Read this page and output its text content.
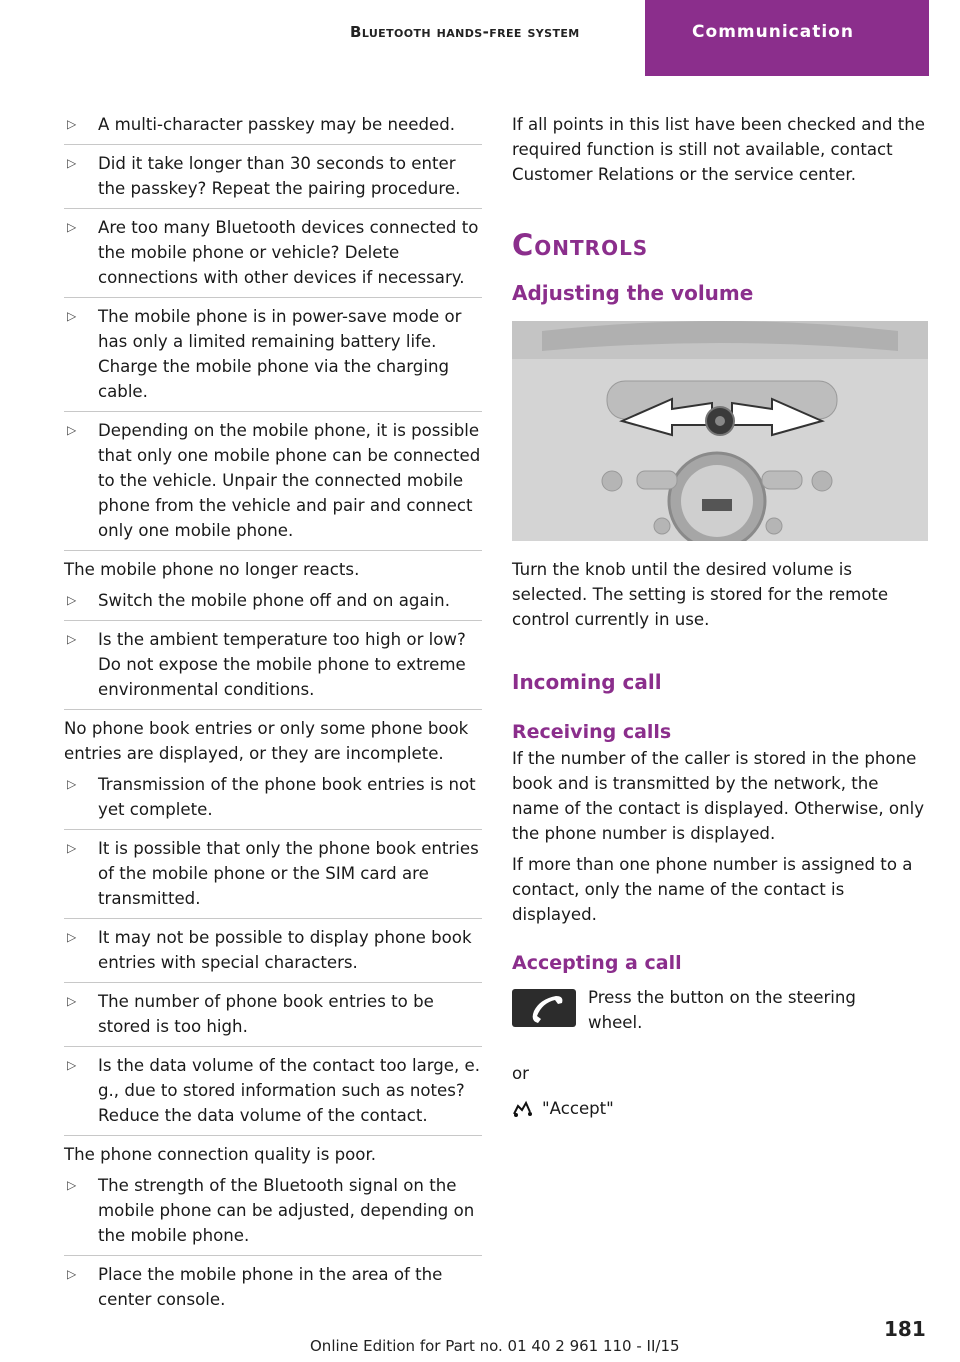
Bluetooth hands-free system	Communication
▷ A multi-character passkey may be needed.
▷ Did it take longer than 30 seconds to enter the passkey? Repeat the pairing procedure.
▷ Are too many Bluetooth devices connected to the mobile phone or vehicle? Delete connections with other devices if necessary.
▷ The mobile phone is in power-save mode or has only a limited remaining battery life. Charge the mobile phone via the charging cable.
▷ Depending on the mobile phone, it is possible that only one mobile phone can be connected to the vehicle. Unpair the connected mobile phone from the vehicle and pair and connect only one mobile phone.

The mobile phone no longer reacts.

▷ Switch the mobile phone off and on again.
▷ Is the ambient temperature too high or low? Do not expose the mobile phone to extreme environmental conditions.

No phone book entries or only some phone book entries are displayed, or they are incomplete.

▷ Transmission of the phone book entries is not yet complete.
▷ It is possible that only the phone book entries of the mobile phone or the SIM card are transmitted.
▷ It may not be possible to display phone book entries with special characters.
▷ The number of phone book entries to be stored is too high.
▷ Is the data volume of the contact too large, e. g., due to stored information such as notes? Reduce the data volume of the contact.

The phone connection quality is poor.

▷ The strength of the Bluetooth signal on the mobile phone can be adjusted, depending on the mobile phone.
▷ Place the mobile phone in the area of the center console.

If all points in this list have been checked and the required function is still not available, contact Customer Relations or the service center.

Controls
Adjusting the volume

Turn the knob until the desired volume is selected. The setting is stored for the remote control currently in use.

Incoming call
Receiving calls

If the number of the caller is stored in the phone book and is transmitted by the network, the name of the contact is displayed. Otherwise, only the phone number is displayed.

If more than one phone number is assigned to a contact, only the name of the contact is displayed.

Accepting a call

Press the button on the steering wheel.

or

"Accept"
Online Edition for Part no. 01 40 2 961 110 - II/15
181
